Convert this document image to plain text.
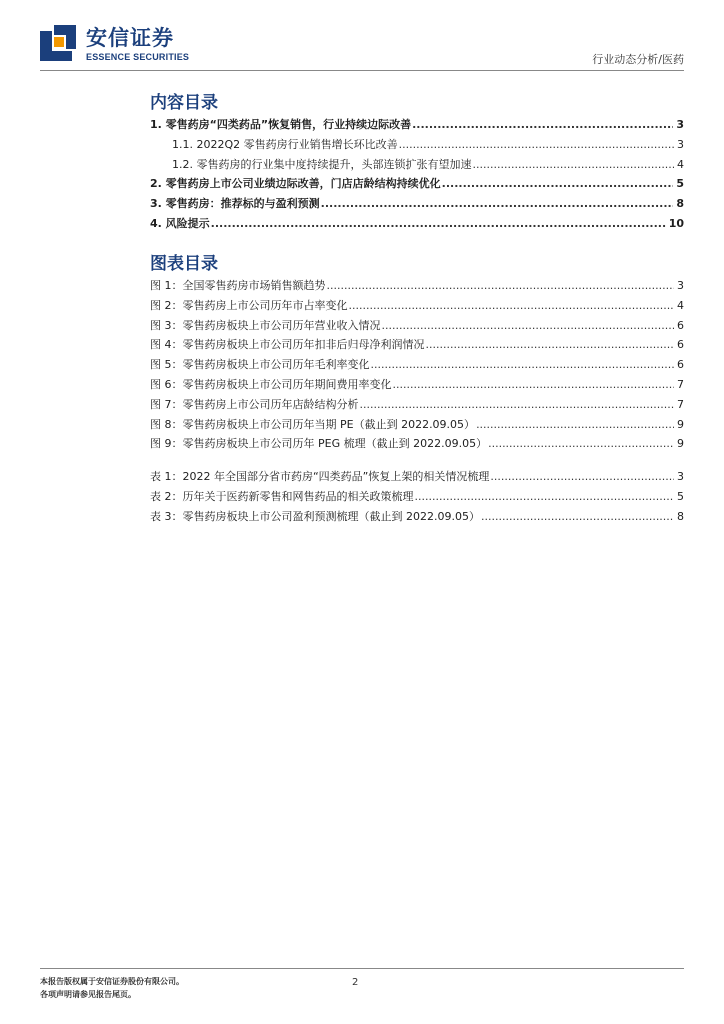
安信证券
ESSENCE SECURITIES	行业动态分析/医药
内容目录
1. 零售药房“四类药品”恢复销售，行业持续边际改善 .....	3
1.1. 2022Q2 零售药房行业销售增长环比改善 .....	3
1.2. 零售药房的行业集中度持续提升，头部连锁扩张有望加速 .....	4
2. 零售药房上市公司业绩边际改善，门店店龄结构持续优化 .....	5
3. 零售药房：推荐标的与盈利预测 .....	8
4. 风险提示 .....	10
图表目录
图 1：全国零售药房市场销售额趋势 .....	3
图 2：零售药房上市公司历年市占率变化 .....	4
图 3：零售药房板块上市公司历年营业收入情况 .....	6
图 4：零售药房板块上市公司历年扣非后归母净利润情况 .....	6
图 5：零售药房板块上市公司历年毛利率变化 .....	6
图 6：零售药房板块上市公司历年期间费用率变化 .....	7
图 7：零售药房上市公司历年店龄结构分析 .....	7
图 8：零售药房板块上市公司历年当期 PE（截止到 2022.09.05） .....	9
图 9：零售药房板块上市公司历年 PEG 梳理（截止到 2022.09.05） .....	9
表 1：2022 年全国部分省市药房“四类药品”恢复上架的相关情况梳理 .....	3
表 2：历年关于医药新零售和网售药品的相关政策梳理 .....	5
表 3：零售药房板块上市公司盈利预测梳理（截止到 2022.09.05） .....	8
本报告版权属于安信证券股份有限公司。
各项声明请参见报告尾页。
2
